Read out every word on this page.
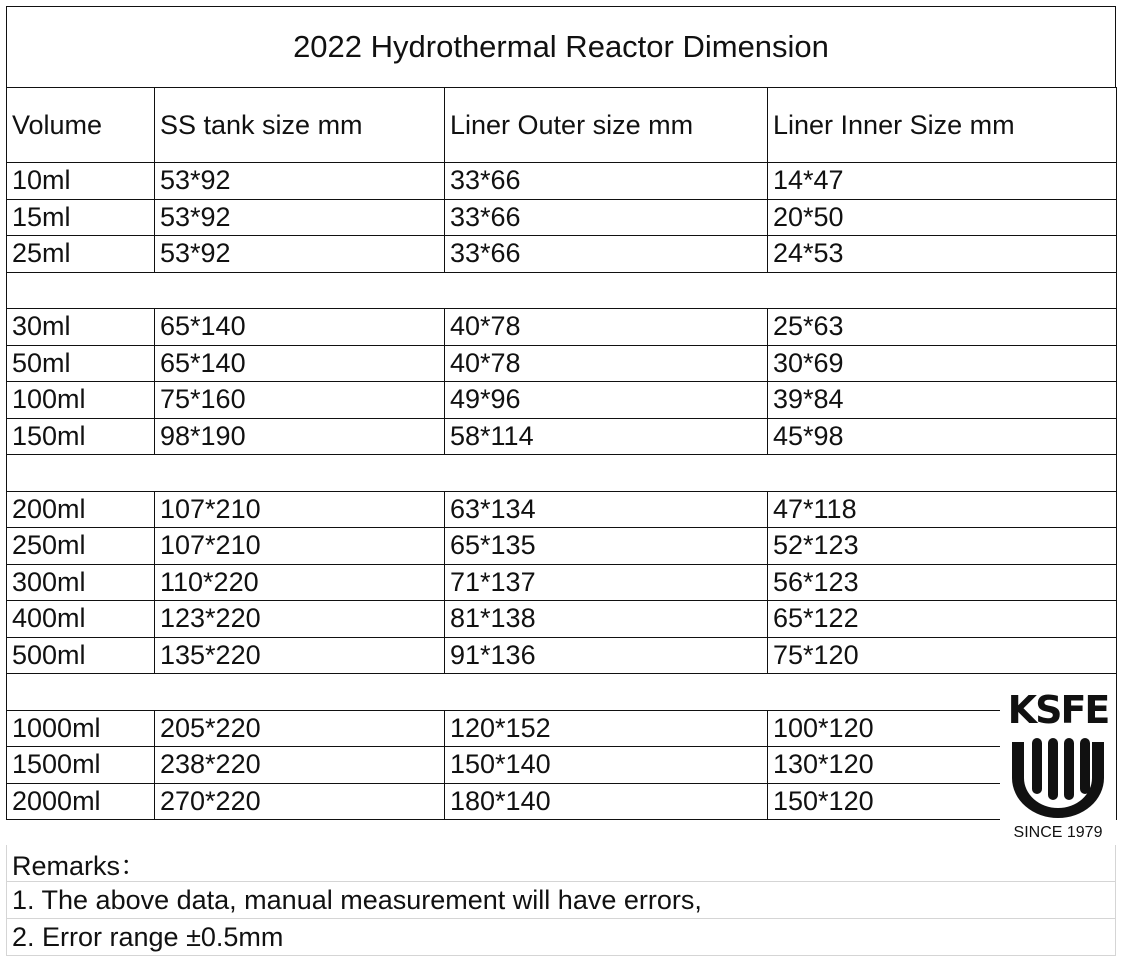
2022 Hydrothermal Reactor Dimension
Volume	SS tank size mm	Liner Outer size mm	Liner Inner Size mm
10ml	53*92	33*66	14*47
15ml	53*92	33*66	20*50
25ml	53*92	33*66	24*53

30ml	65*140	40*78	25*63
50ml	65*140	40*78	30*69
100ml	75*160	49*96	39*84
150ml	98*190	58*114	45*98

200ml	107*210	63*134	47*118
250ml	107*210	65*135	52*123
300ml	110*220	71*137	56*123
400ml	123*220	81*138	65*122
500ml	135*220	91*136	75*120

1000ml	205*220	120*152	100*120
1500ml	238*220	150*140	130*120
2000ml	270*220	180*140	150*120
Remarks：
1. The above data, manual measurement will have errors,
2. Error range ±0.5mm
KSFE
SINCE 1979
